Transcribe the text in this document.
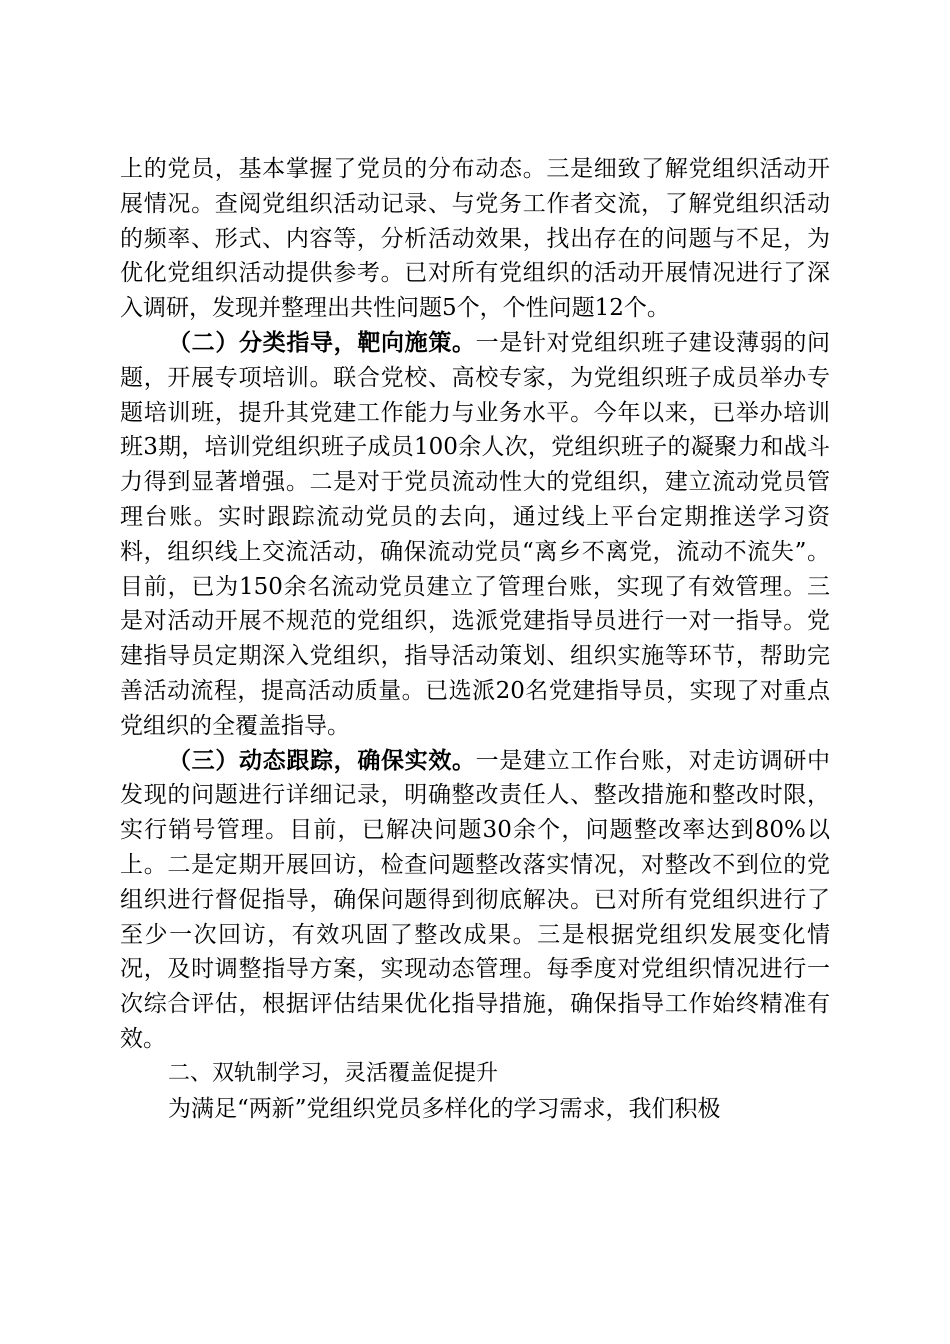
上的党员，基本掌握了党员的分布动态。三是细致了解党组织活动开展情况。查阅党组织活动记录、与党务工作者交流，了解党组织活动的频率、形式、内容等，分析活动效果，找出存在的问题与不足，为优化党组织活动提供参考。已对所有党组织的活动开展情况进行了深入调研，发现并整理出共性问题5个，个性问题12个。

（二）分类指导，靶向施策。一是针对党组织班子建设薄弱的问题，开展专项培训。联合党校、高校专家，为党组织班子成员举办专题培训班，提升其党建工作能力与业务水平。今年以来，已举办培训班3期，培训党组织班子成员100余人次，党组织班子的凝聚力和战斗力得到显著增强。二是对于党员流动性大的党组织，建立流动党员管理台账。实时跟踪流动党员的去向，通过线上平台定期推送学习资料，组织线上交流活动，确保流动党员“离乡不离党，流动不流失”。目前，已为150余名流动党员建立了管理台账，实现了有效管理。三是对活动开展不规范的党组织，选派党建指导员进行一对一指导。党建指导员定期深入党组织，指导活动策划、组织实施等环节，帮助完善活动流程，提高活动质量。已选派20名党建指导员，实现了对重点党组织的全覆盖指导。

（三）动态跟踪，确保实效。一是建立工作台账，对走访调研中发现的问题进行详细记录，明确整改责任人、整改措施和整改时限，实行销号管理。目前，已解决问题30余个，问题整改率达到80%以上。二是定期开展回访，检查问题整改落实情况，对整改不到位的党组织进行督促指导，确保问题得到彻底解决。已对所有党组织进行了至少一次回访，有效巩固了整改成果。三是根据党组织发展变化情况，及时调整指导方案，实现动态管理。每季度对党组织情况进行一次综合评估，根据评估结果优化指导措施，确保指导工作始终精准有效。

二、双轨制学习，灵活覆盖促提升

为满足“两新”党组织党员多样化的学习需求，我们积极
